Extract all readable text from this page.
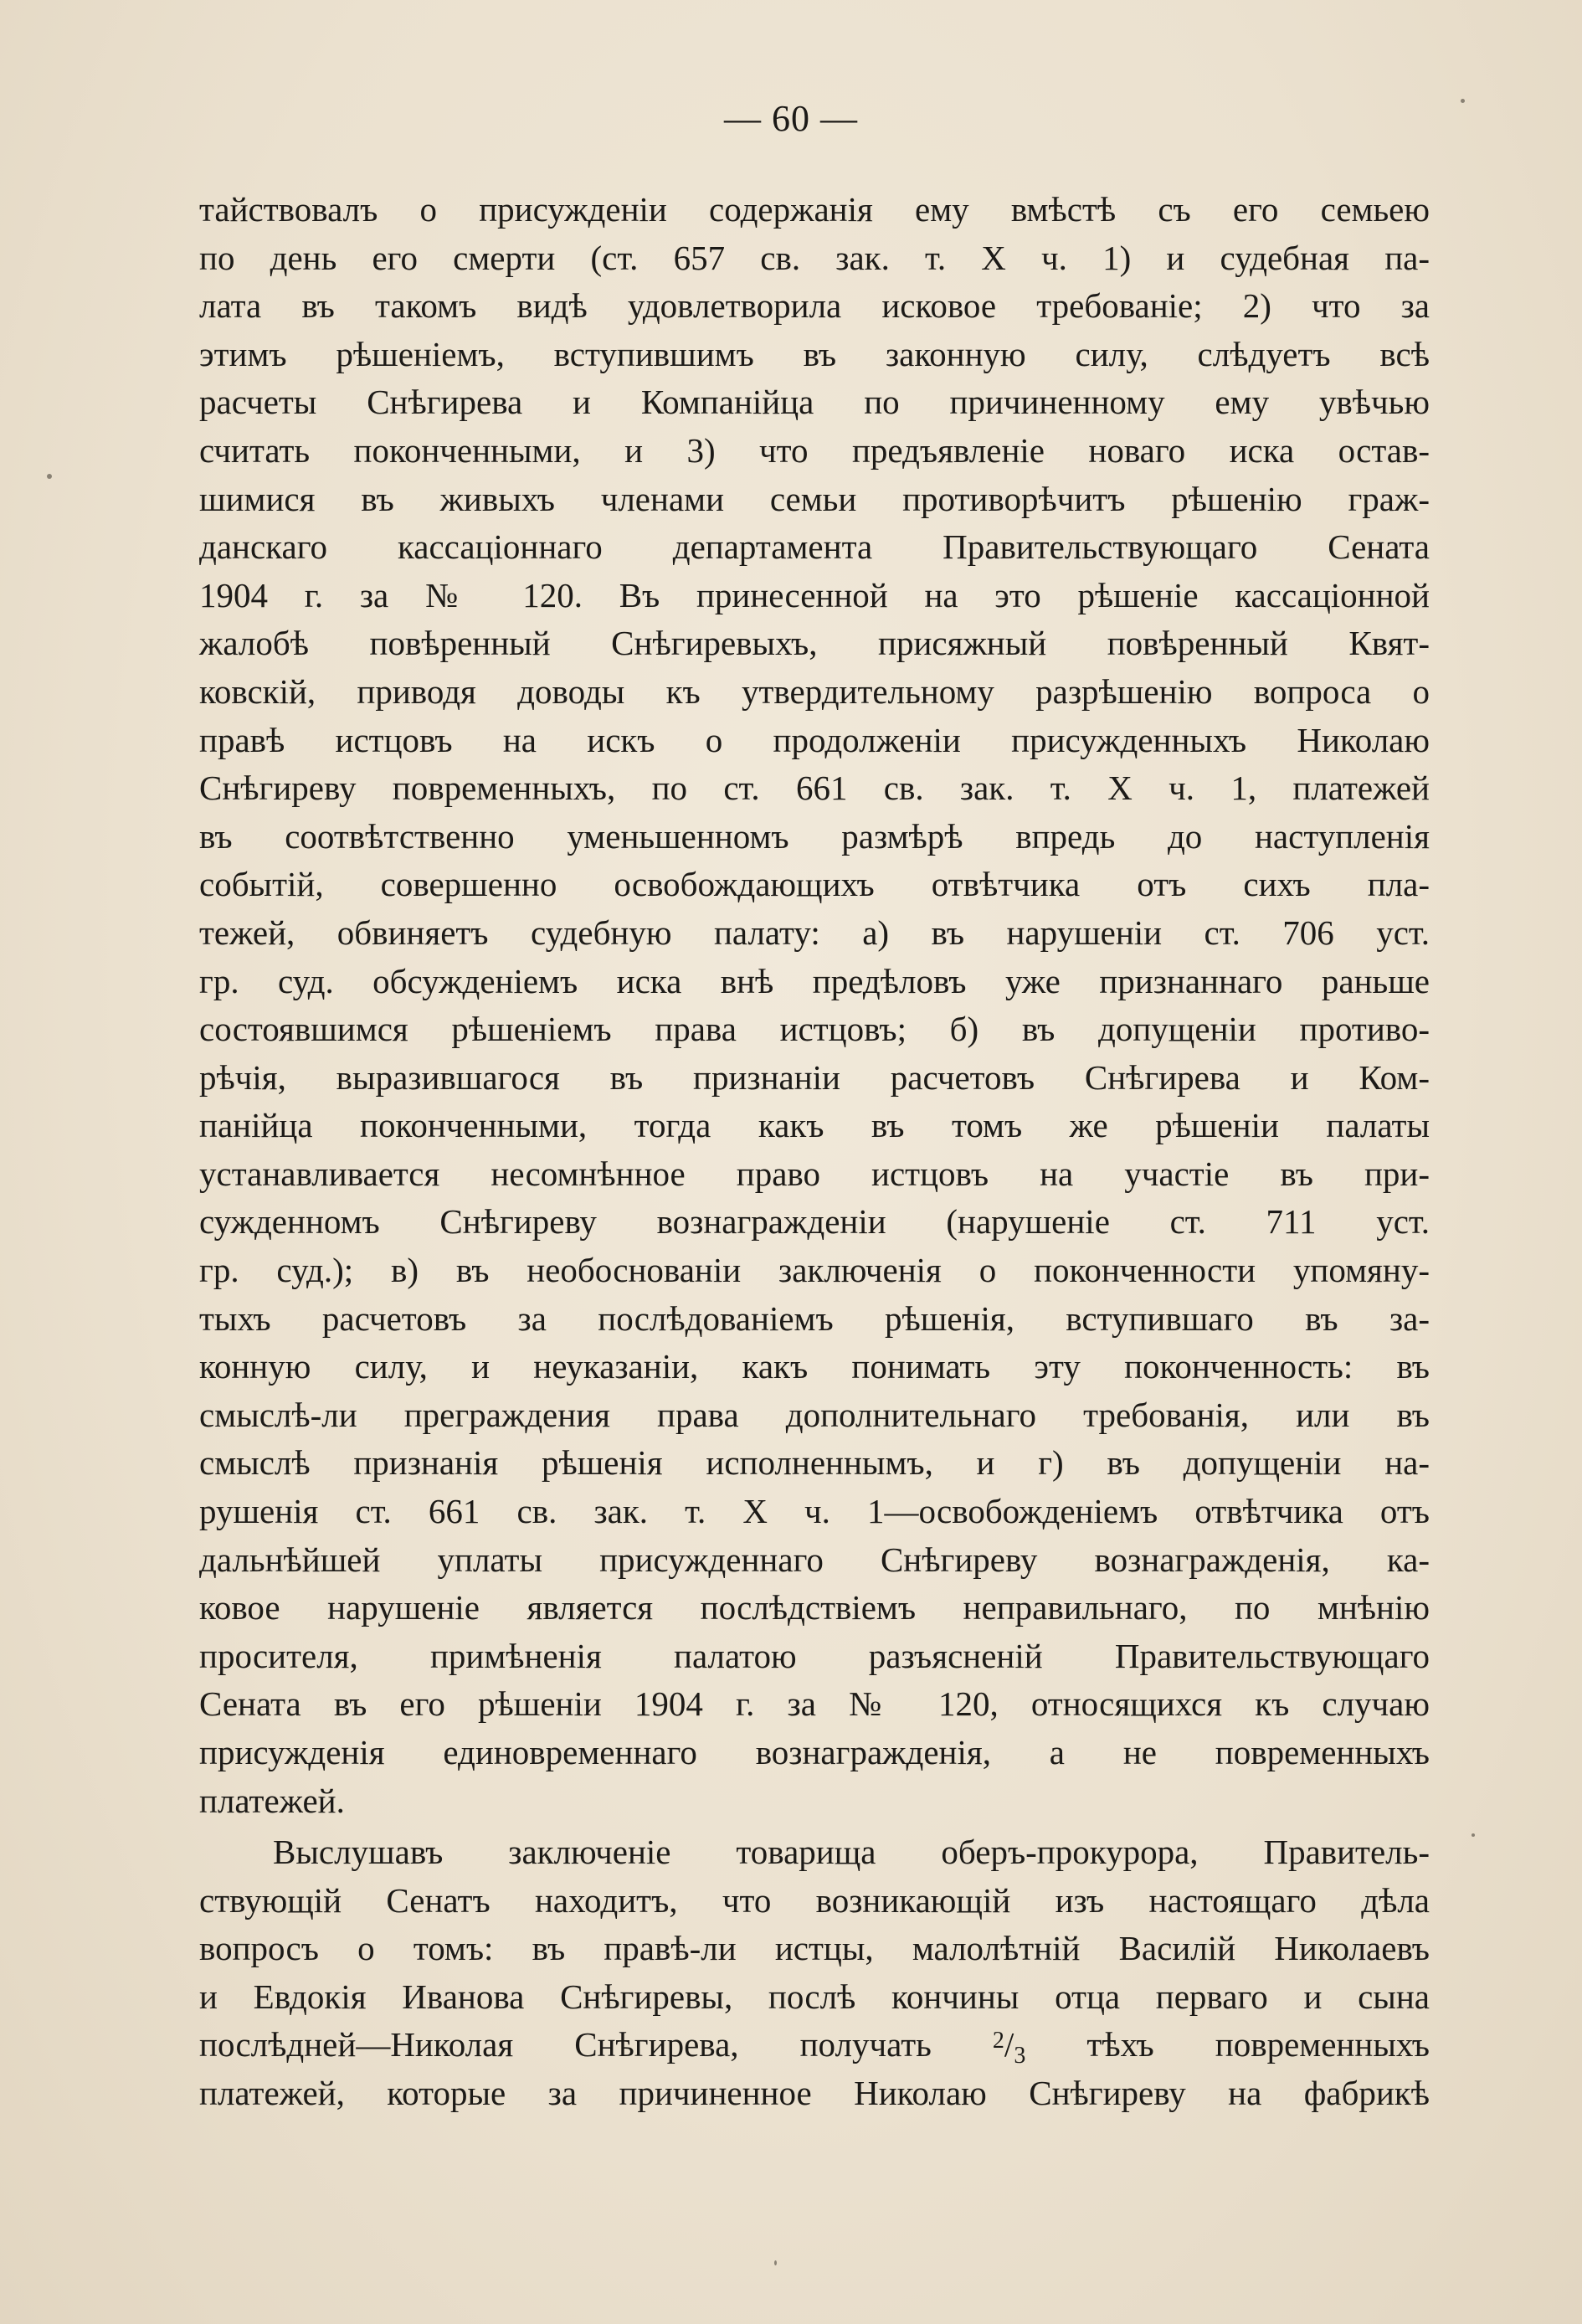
— 60 —
тайствовалъ о присужденіи содержанія ему вмѣстѣ съ его семьею
по день его смерти (ст. 657 св. зак. т. X ч. 1) и судебная па-
лата въ такомъ видѣ удовлетворила исковое требованіе; 2) что за
этимъ рѣшеніемъ, вступившимъ въ законную силу, слѣдуетъ всѣ
расчеты Снѣгирева и Компанійца по причиненному ему увѣчью
считать поконченными, и 3) что предъявленіе новаго иска остав-
шимися въ живыхъ членами семьи противорѣчитъ рѣшенію граж-
данскаго кассаціоннаго департамента Правительствующаго Сената
1904 г. за № 120. Въ принесенной на это рѣшеніе кассаціонной
жалобѣ повѣренный Снѣгиревыхъ, присяжный повѣренный Квят-
ковскій, приводя доводы къ утвердительному разрѣшенію вопроса о
правѣ истцовъ на искъ о продолженіи присужденныхъ Николаю
Снѣгиреву повременныхъ, по ст. 661 св. зак. т. X ч. 1, платежей
въ соотвѣтственно уменьшенномъ размѣрѣ впредь до наступленія
событій, совершенно освобождающихъ отвѣтчика отъ сихъ пла-
тежей, обвиняетъ судебную палату: а) въ нарушеніи ст. 706 уст.
гр. суд. обсужденіемъ иска внѣ предѣловъ уже признаннаго раньше
состоявшимся рѣшеніемъ права истцовъ; б) въ допущеніи противо-
рѣчія, выразившагося въ признаніи расчетовъ Снѣгирева и Ком-
панійца поконченными, тогда какъ въ томъ же рѣшеніи палаты
устанавливается несомнѣнное право истцовъ на участіе въ при-
сужденномъ Снѣгиреву вознагражденіи (нарушеніе ст. 711 уст.
гр. суд.); в) въ необоснованіи заключенія о поконченности упомяну-
тыхъ расчетовъ за послѣдованіемъ рѣшенія, вступившаго въ за-
конную силу, и неуказаніи, какъ понимать эту поконченность: въ
смыслѣ-ли преграждения права дополнительнаго требованія, или въ
смыслѣ признанія рѣшенія исполненнымъ, и г) въ допущеніи на-
рушенія ст. 661 св. зак. т. X ч. 1—освобожденіемъ отвѣтчика отъ
дальнѣйшей уплаты присужденнаго Снѣгиреву вознагражденія, ка-
ковое нарушеніе является послѣдствіемъ неправильнаго, по мнѣнію
просителя, примѣненія палатою разъясненій Правительствующаго
Сената въ его рѣшеніи 1904 г. за № 120, относящихся къ случаю
присужденія единовременнаго вознагражденія, а не повременныхъ
платежей.
Выслушавъ заключеніе товарища оберъ-прокурора, Правитель-
ствующій Сенатъ находитъ, что возникающій изъ настоящаго дѣла
вопросъ о томъ: въ правѣ-ли истцы, малолѣтній Василій Николаевъ
и Евдокія Иванова Снѣгиревы, послѣ кончины отца перваго и сына
послѣдней—Николая Снѣгирева, получать	2/3 тѣхъ повременныхъ
платежей, которые за причиненное Николаю Снѣгиреву на фабрикѣ
